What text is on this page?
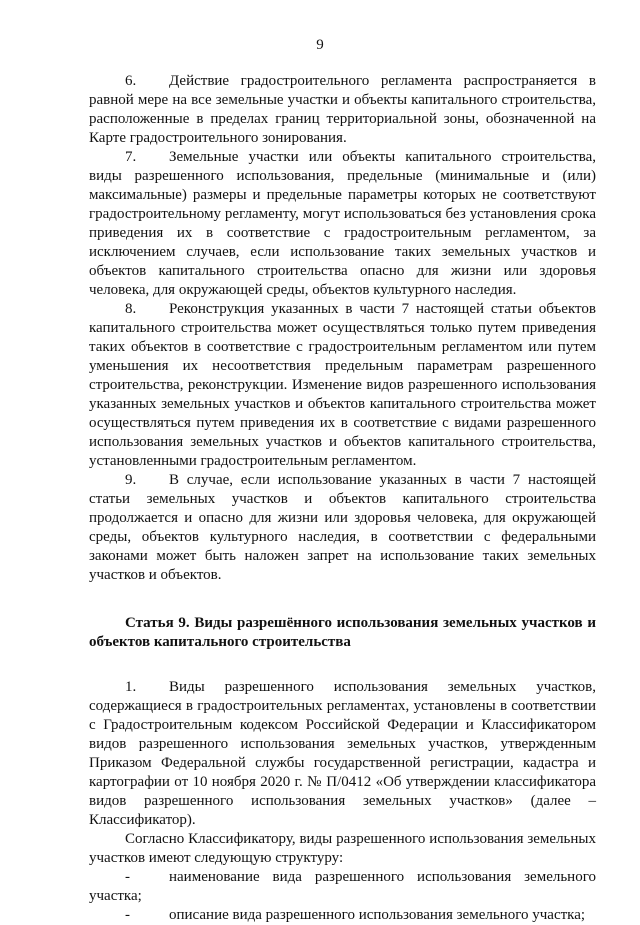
9

6. Действие градостроительного регламента распространяется в равной мере на все земельные участки и объекты капитального строительства, расположенные в пределах границ территориальной зоны, обозначенной на Карте градостроительного зонирования.

7. Земельные участки или объекты капитального строительства, виды разрешенного использования, предельные (минимальные и (или) максимальные) размеры и предельные параметры которых не соответствуют градостроительному регламенту, могут использоваться без установления срока приведения их в соответствие с градостроительным регламентом, за исключением случаев, если использование таких земельных участков и объектов капитального строительства опасно для жизни или здоровья человека, для окружающей среды, объектов культурного наследия.

8. Реконструкция указанных в части 7 настоящей статьи объектов капитального строительства может осуществляться только путем приведения таких объектов в соответствие с градостроительным регламентом или путем уменьшения их несоответствия предельным параметрам разрешенного строительства, реконструкции. Изменение видов разрешенного использования указанных земельных участков и объектов капитального строительства может осуществляться путем приведения их в соответствие с видами разрешенного использования земельных участков и объектов капитального строительства, установленными градостроительным регламентом.

9. В случае, если использование указанных в части 7 настоящей статьи земельных участков и объектов капитального строительства продолжается и опасно для жизни или здоровья человека, для окружающей среды, объектов культурного наследия, в соответствии с федеральными законами может быть наложен запрет на использование таких земельных участков и объектов.

Статья 9. Виды разрешённого использования земельных участков и объектов капитального строительства

1. Виды разрешенного использования земельных участков, содержащиеся в градостроительных регламентах, установлены в соответствии с Градостроительным кодексом Российской Федерации и Классификатором видов разрешенного использования земельных участков, утвержденным Приказом Федеральной службы государственной регистрации, кадастра и картографии от 10 ноября 2020 г. № П/0412 «Об утверждении классификатора видов разрешенного использования земельных участков» (далее – Классификатор).

Согласно Классификатору, виды разрешенного использования земельных участков имеют следующую структуру:

-	наименование вида разрешенного использования земельного участка;

-	описание вида разрешенного использования земельного участка;
